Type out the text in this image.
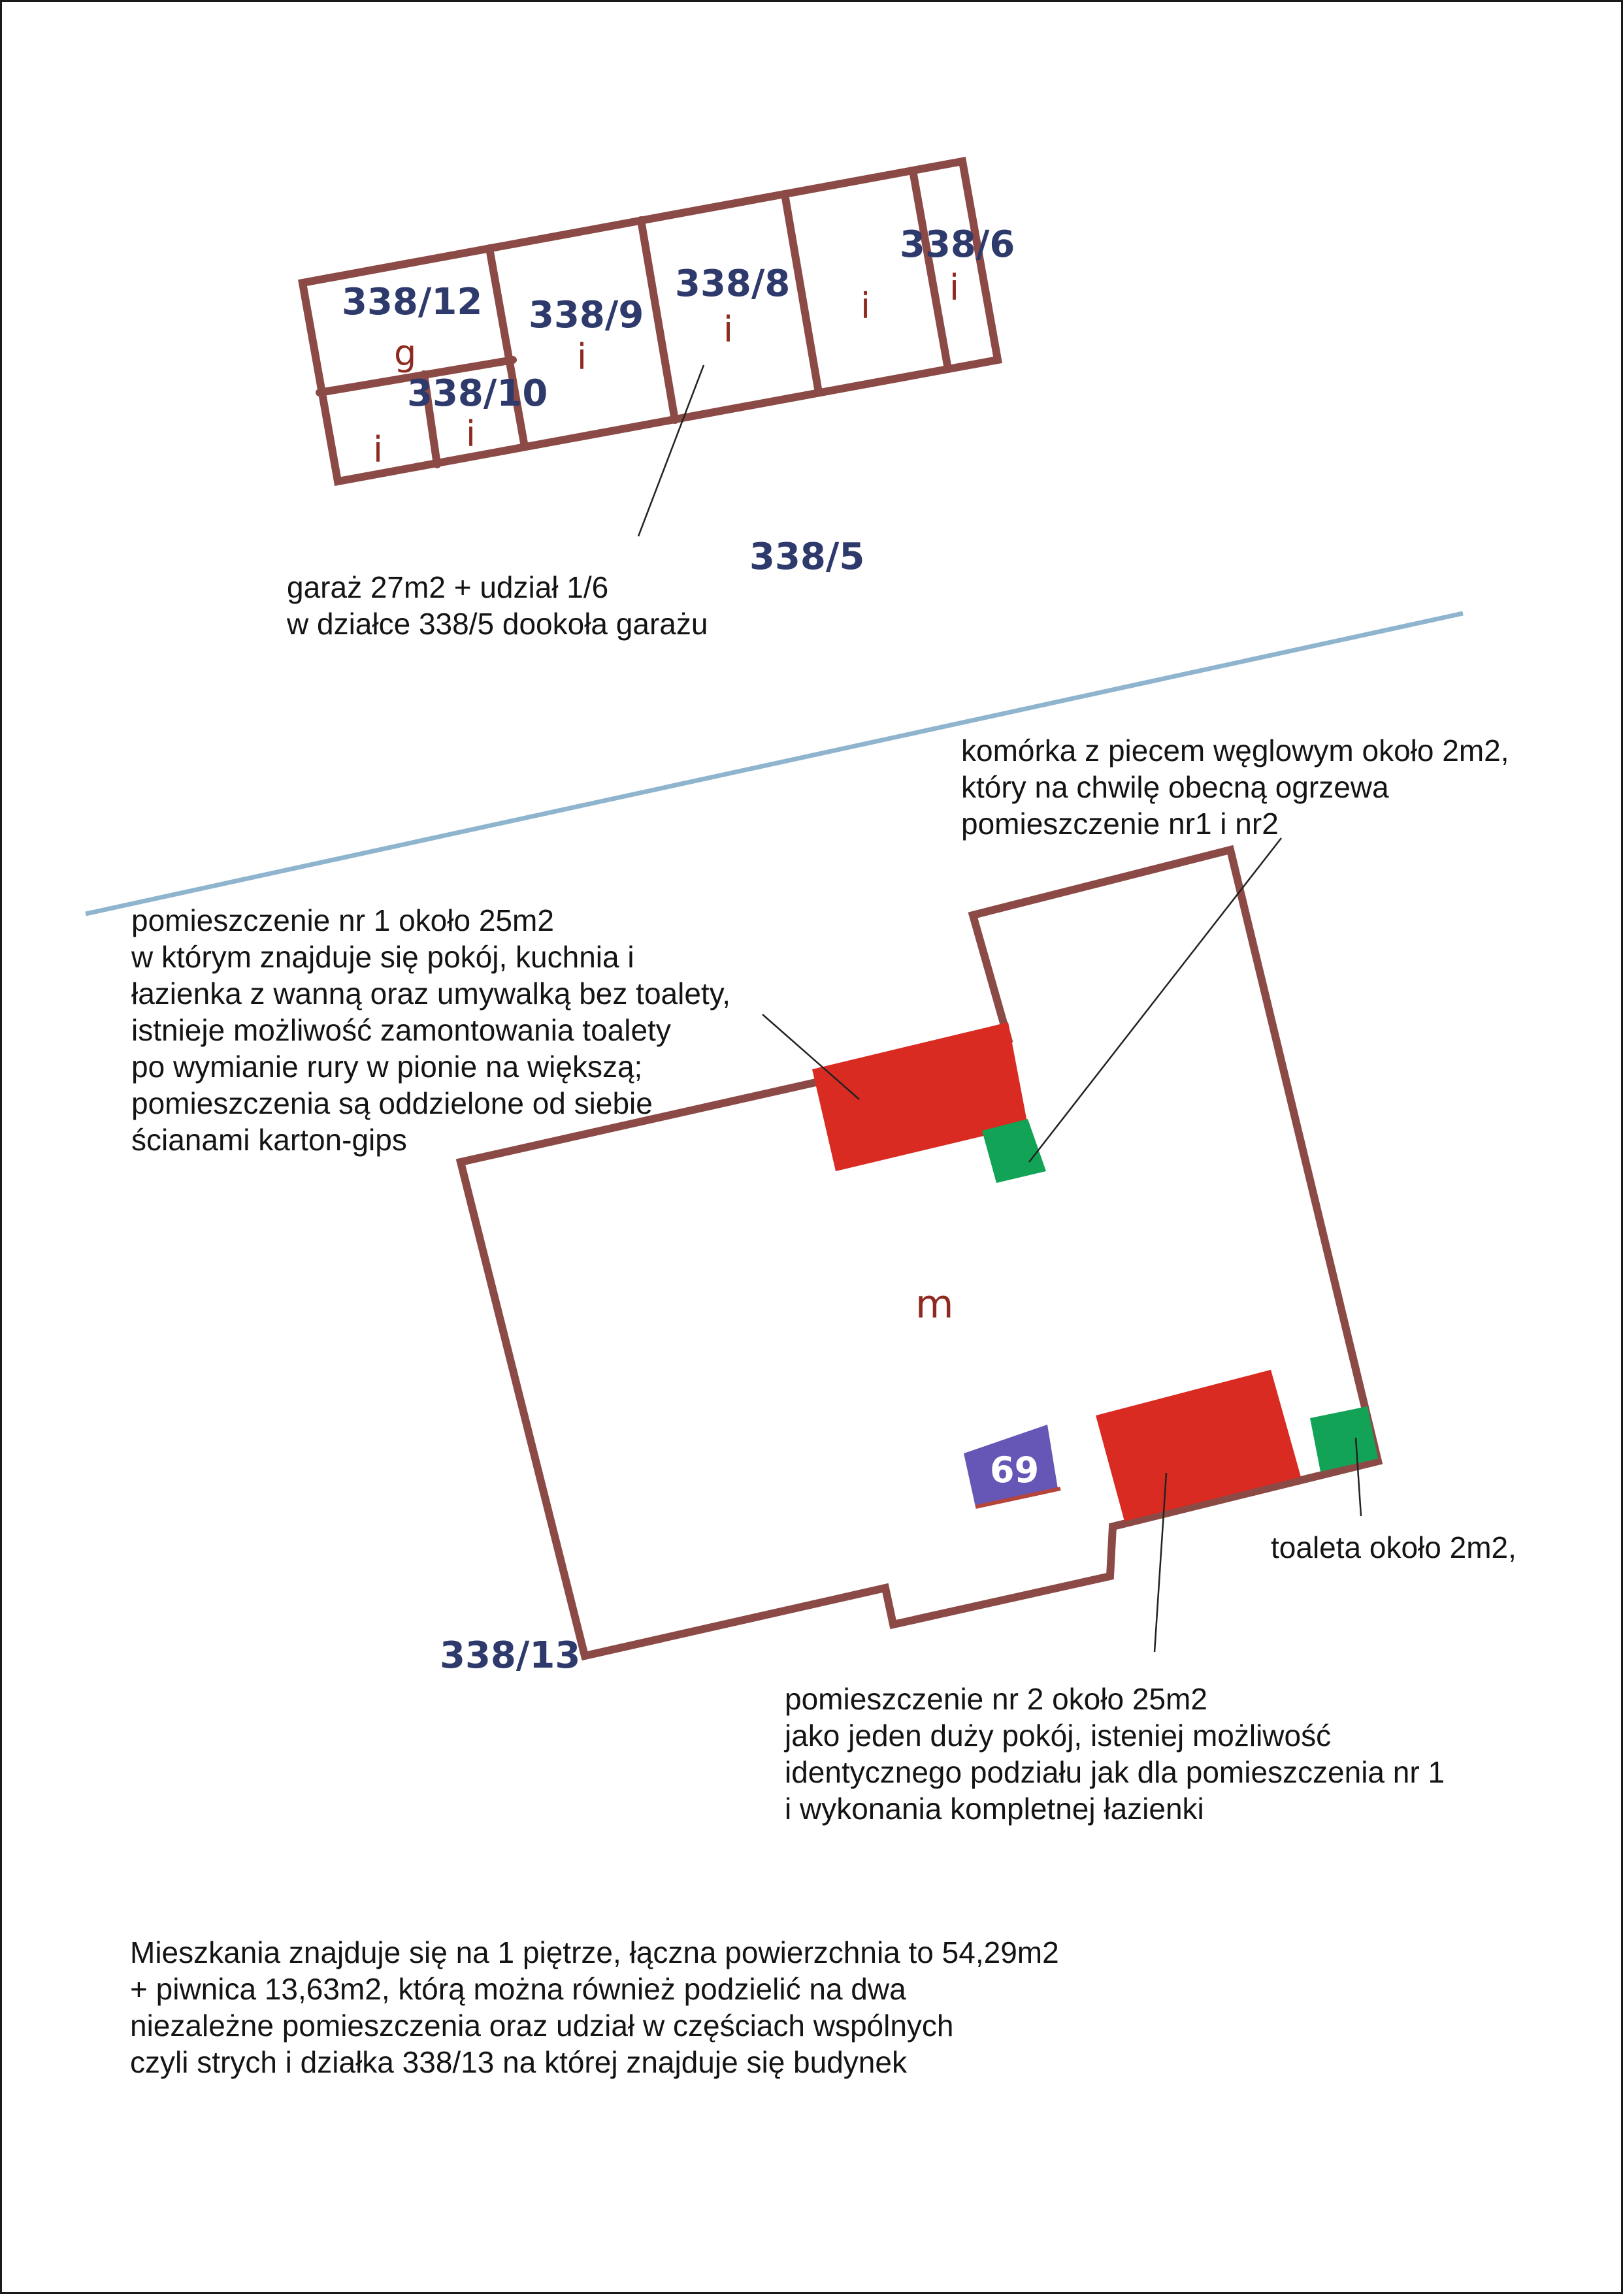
338/12 338/9
338/8
338/6
338/10
g	i
i
i i
i i
338/5
m
69
338/13

garaż 27m2 + udział 1/6
w działce 338/5 dookoła garażu

komórka z piecem węglowym około 2m2,
który na chwilę obecną ogrzewa
pomieszczenie nr1 i nr2

pomieszczenie nr 1 około 25m2
w którym znajduje się pokój, kuchnia i
łazienka z wanną oraz umywalką bez toalety,
istnieje możliwość zamontowania toalety
po wymianie rury w pionie na większą;
pomieszczenia są oddzielone od siebie
ścianami karton-gips

toaleta około 2m2,

pomieszczenie nr 2 około 25m2
jako jeden duży pokój, isteniej możliwość
identycznego podziału jak dla pomieszczenia nr 1
i wykonania kompletnej łazienki

Mieszkania znajduje się na 1 piętrze, łączna powierzchnia to 54,29m2
+ piwnica 13,63m2, którą można również podzielić na dwa
niezależne pomieszczenia oraz udział w częściach wspólnych
czyli strych i działka 338/13 na której znajduje się budynek
